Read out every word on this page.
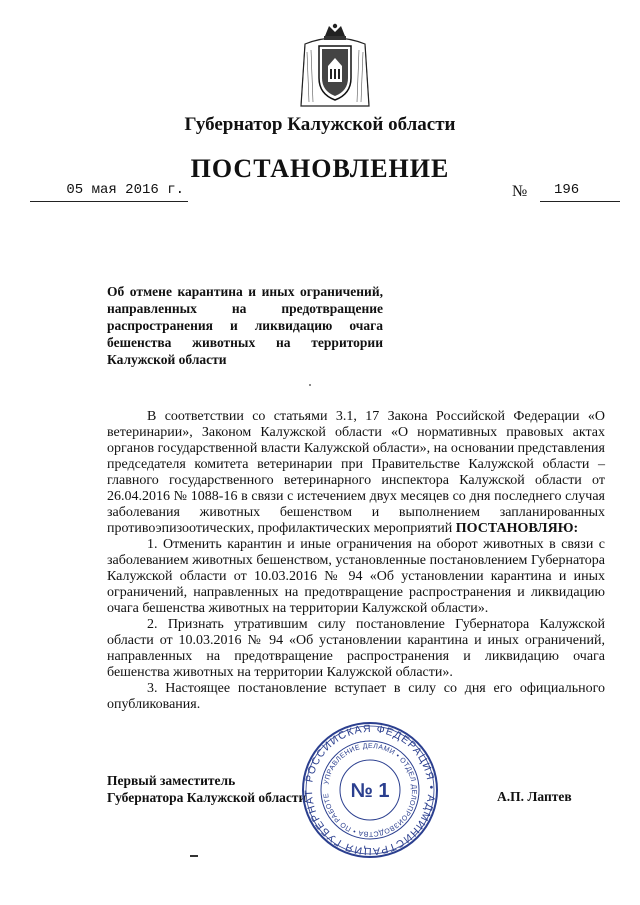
Губернатор Калужской области
ПОСТАНОВЛЕНИЕ
05 мая 2016 г.	№	196
Об отмене карантина и иных ограничений,
направленных на предотвращение
распространения и ликвидацию очага
бешенства животных на территории
Калужской области

В соответствии со статьями 3.1, 17 Закона Российской Федерации «О ветеринарии», Законом Калужской области «О нормативных правовых актах органов государственной власти Калужской области», на основании представления председателя комитета ветеринарии при Правительстве Калужской области – главного государственного ветеринарного инспектора Калужской области от 26.04.2016 № 1088-16 в связи с истечением двух месяцев со дня последнего случая заболевания животных бешенством и выполнением запланированных противоэпизоотических, профилактических мероприятий ПОСТАНОВЛЯЮ:

1. Отменить карантин и иные ограничения на оборот животных в связи с заболеванием животных бешенством, установленные постановлением Губернатора Калужской области от 10.03.2016 № 94 «Об установлении карантина и иных ограничений, направленных на предотвращение распространения и ликвидацию очага бешенства животных на территории Калужской области».

2. Признать утратившим силу постановление Губернатора Калужской области от 10.03.2016 № 94 «Об установлении карантина и иных ограничений, направленных на предотвращение распространения и ликвидацию очага бешенства животных на территории Калужской области».

3. Настоящее постановление вступает в силу со дня его официального опубликования.

Первый заместитель
Губернатора Калужской области	А.П. Лаптев
РОССИЙСКАЯ ФЕДЕРАЦИЯ • АДМИНИСТРАЦИЯ ГУБЕРНАТ
УПРАВЛЕНИЕ ДЕЛАМИ • ОТДЕЛ ДЕЛОПРОИЗВОДСТВА • ПО РАБОТЕ № 1
